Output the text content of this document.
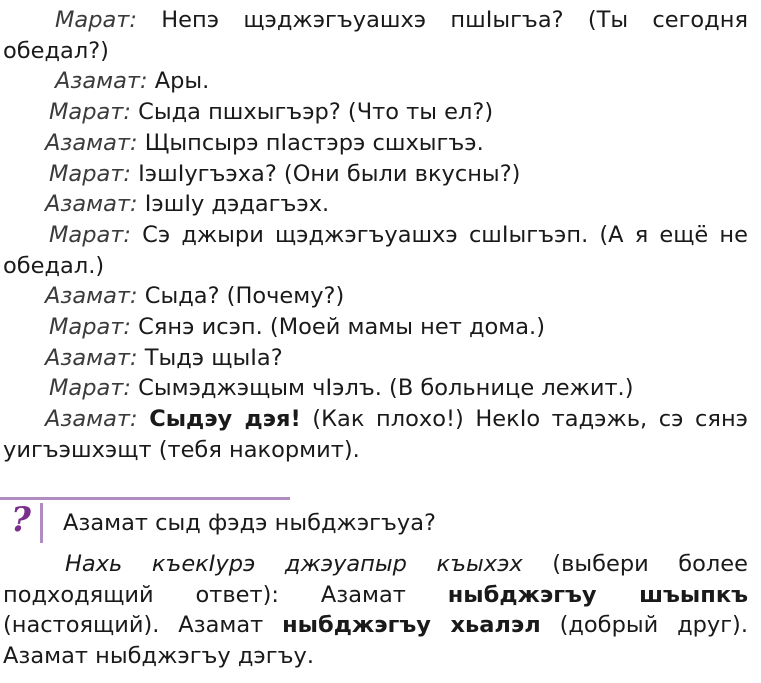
Марат: Непэ щэджэгъуашхэ пшIыгъа? (Ты сегодня обедал?)

Азамат: Ары.

Марат: Сыда пшхыгъэр? (Что ты ел?)

Азамат: Щыпсырэ пIастэрэ сшхыгъэ.

Марат: IэшIугъэха? (Они были вкусны?)

Азамат: IэшIу дэдагъэх.

Марат: Сэ джыри щэджэгъуашхэ сшIыгъэп. (А я ещё не обедал.)

Азамат: Сыда? (Почему?)

Марат: Сянэ исэп. (Моей мамы нет дома.)

Азамат: Тыдэ щыIа?

Марат: Сымэджэщым чIэлъ. (В больнице лежит.)

Азамат: Сыдэу дэя! (Как плохо!) НекIо тадэжь, сэ сянэ уигъэшхэщт (тебя накормит).

? Азамат сыд фэдэ ныбджэгъуа?

Нахь къекIурэ джэуапыр къыхэх (выбери более подходящий ответ): Азамат ныбджэгъу шъыпкъ (настоящий). Азамат ныбджэгъу хьалэл (добрый друг). Азамат ныбджэгъу дэгъу.
